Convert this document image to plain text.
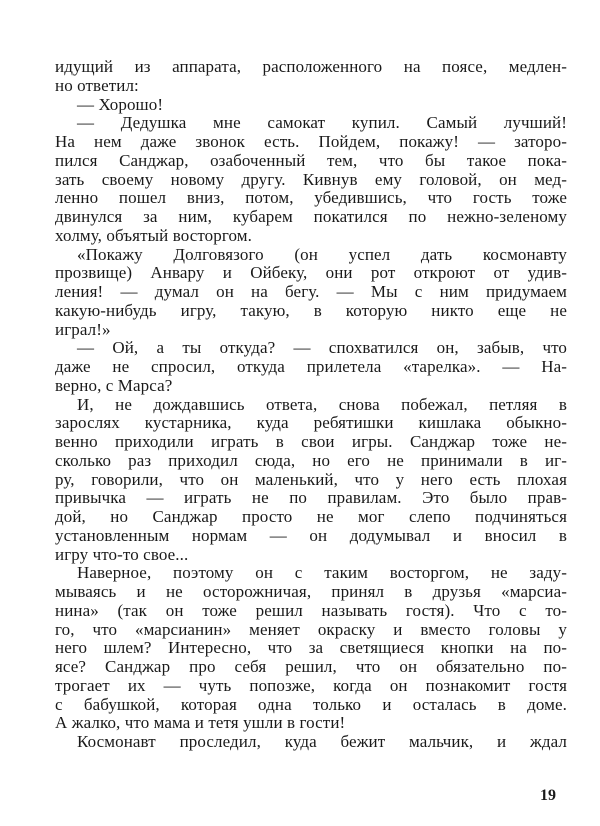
идущий из аппарата, расположенного на поясе, медлен-
но ответил:
— Хорошо!
— Дедушка мне самокат купил. Самый лучший!
На нем даже звонок есть. Пойдем, покажу! — заторо-
пился Санджар, озабоченный тем, что бы такое пока-
зать своему новому другу. Кивнув ему головой, он мед-
ленно пошел вниз, потом, убедившись, что гость тоже
двинулся за ним, кубарем покатился по нежно-зеленому
холму, объятый восторгом.
«Покажу Долговязого (он успел дать космонавту
прозвище) Анвару и Ойбеку, они рот откроют от удив-
ления! — думал он на бегу. — Мы с ним придумаем
какую-нибудь игру, такую, в которую никто еще не
играл!»
— Ой, а ты откуда? — спохватился он, забыв, что
даже не спросил, откуда прилетела «тарелка». — На-
верно, с Марса?
И, не дождавшись ответа, снова побежал, петляя в
зарослях кустарника, куда ребятишки кишлака обыкно-
венно приходили играть в свои игры. Санджар тоже не-
сколько раз приходил сюда, но его не принимали в иг-
ру, говорили, что он маленький, что у него есть плохая
привычка — играть не по правилам. Это было прав-
дой, но Санджар просто не мог слепо подчиняться
установленным нормам — он додумывал и вносил в
игру что-то свое...
Наверное, поэтому он с таким восторгом, не заду-
мываясь и не осторожничая, принял в друзья «марсиа-
нина» (так он тоже решил называть гостя). Что с то-
го, что «марсианин» меняет окраску и вместо головы у
него шлем? Интересно, что за светящиеся кнопки на по-
ясе? Санджар про себя решил, что он обязательно по-
трогает их — чуть попозже, когда он познакомит гостя
с бабушкой, которая одна только и осталась в доме.
А жалко, что мама и тетя ушли в гости!
Космонавт проследил, куда бежит мальчик, и ждал
19
